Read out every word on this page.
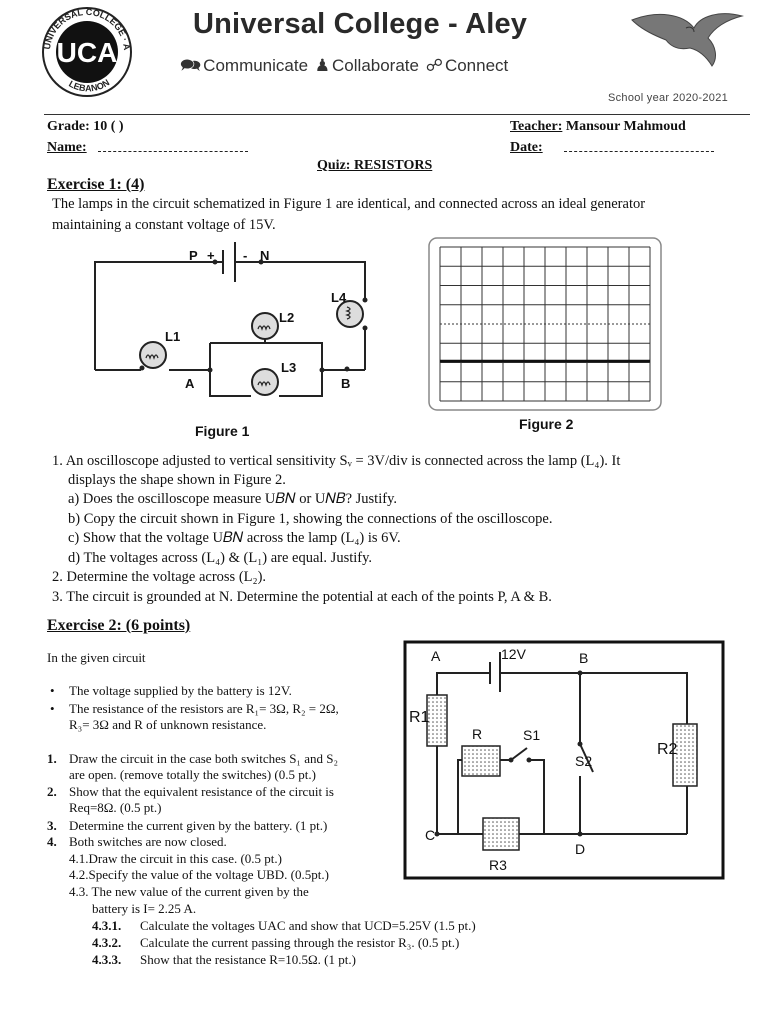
UCA
UNIVERSAL COLLEGE · A
LEBANON
Universal College - Aley
🗪 Communicate ♟ Collaborate ☍ Connect
School year 2020-2021
Grade: 10 ( )
Name:
Teacher: Mansour Mahmoud
Date:
Quiz: RESISTORS
Exercise 1: (4)
The lamps in the circuit schematized in Figure 1 are identical, and connected across an ideal generator
maintaining a constant voltage of 15V.
P + - N
L1
L2
L3
L4
A	B
Figure 1	Figure 2
1. An oscilloscope adjusted to vertical sensitivity Sᵥ = 3V/div is connected across the lamp (L₄). It
displays the shape shown in Figure 2.
a) Does the oscilloscope measure U𝐵𝑁 or U𝑁𝐵? Justify.
b) Copy the circuit shown in Figure 1, showing the connections of the oscilloscope.
c) Show that the voltage U𝐵𝑁 across the lamp (L₄) is 6V.
d) The voltages across (L₄) & (L₁) are equal. Justify.
2. Determine the voltage across (L₂).
3. The circuit is grounded at N. Determine the potential at each of the points P, A & B.
Exercise 2: (6 points)
In the given circuit
• The voltage supplied by the battery is 12V.
• The resistance of the resistors are R₁= 3Ω, R₂ = 2Ω,
R₃= 3Ω and R of unknown resistance.
1. Draw the circuit in the case both switches S₁ and S₂
are open. (remove totally the switches) (0.5 pt.)
2. Show that the equivalent resistance of the circuit is
Req=8Ω. (0.5 pt.)
3. Determine the current given by the battery. (1 pt.)
4. Both switches are now closed.
4.1.Draw the circuit in this case. (0.5 pt.)
4.2.Specify the value of the voltage UBD. (0.5pt.)
4.3. The new value of the current given by the
battery is I= 2.25 A.
4.3.1. Calculate the voltages UAC and show that UCD=5.25V (1.5 pt.)
4.3.2. Calculate the current passing through the resistor R₃. (0.5 pt.)
4.3.3. Show that the resistance R=10.5Ω. (1 pt.)
A	12V	B
R1
R	S1
S2
R2
C
D
R3
